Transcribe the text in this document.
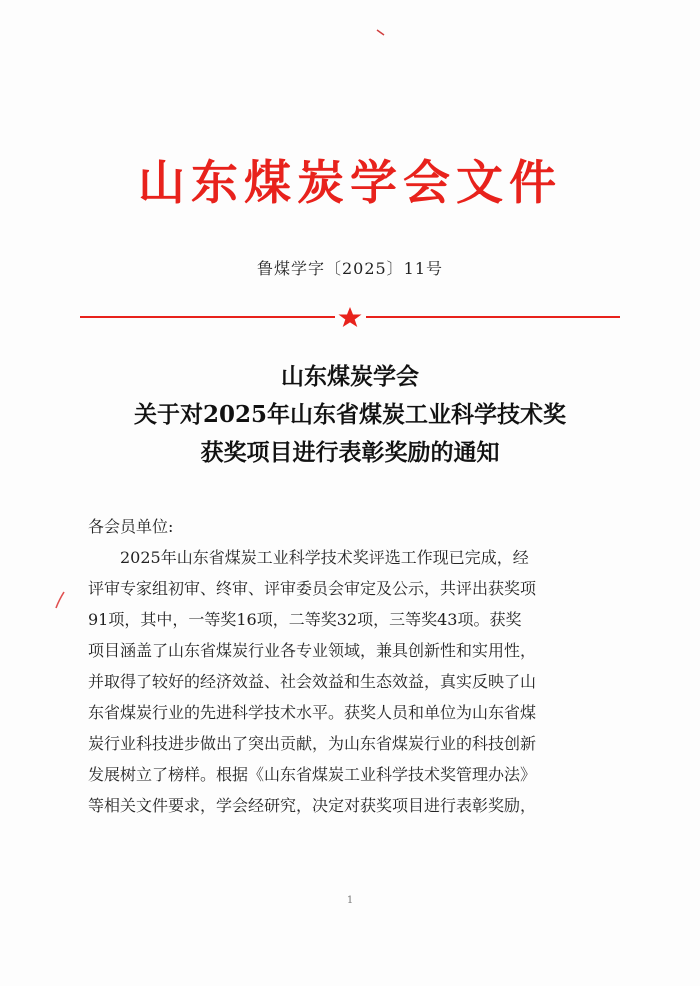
山东煤炭学会文件
鲁煤学字〔2025〕11号
山东煤炭学会
关于对2025年山东省煤炭工业科学技术奖
获奖项目进行表彰奖励的通知
各会员单位:
2025年山东省煤炭工业科学技术奖评选工作现已完成，经
评审专家组初审、终审、评审委员会审定及公示，共评出获奖项
91项，其中，一等奖16项，二等奖32项，三等奖43项。获奖
项目涵盖了山东省煤炭行业各专业领域，兼具创新性和实用性，
并取得了较好的经济效益、社会效益和生态效益，真实反映了山
东省煤炭行业的先进科学技术水平。获奖人员和单位为山东省煤
炭行业科技进步做出了突出贡献，为山东省煤炭行业的科技创新
发展树立了榜样。根据《山东省煤炭工业科学技术奖管理办法》
等相关文件要求，学会经研究，决定对获奖项目进行表彰奖励，
1
